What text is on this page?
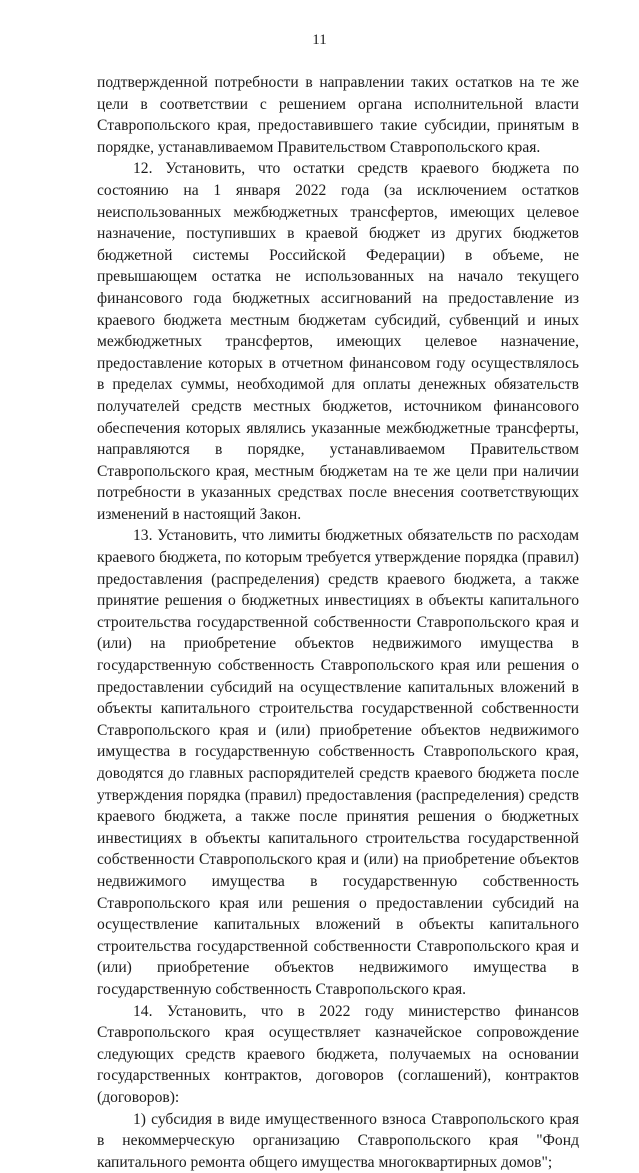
11

подтвержденной потребности в направлении таких остатков на те же цели в соответствии с решением органа исполнительной власти Ставропольского края, предоставившего такие субсидии, принятым в порядке, устанавливаемом Правительством Ставропольского края.

12. Установить, что остатки средств краевого бюджета по состоянию на 1 января 2022 года (за исключением остатков неиспользованных межбюджетных трансфертов, имеющих целевое назначение, поступивших в краевой бюджет из других бюджетов бюджетной системы Российской Федерации) в объеме, не превышающем остатка не использованных на начало текущего финансового года бюджетных ассигнований на предоставление из краевого бюджета местным бюджетам субсидий, субвенций и иных межбюджетных трансфертов, имеющих целевое назначение, предоставление которых в отчетном финансовом году осуществлялось в пределах суммы, необходимой для оплаты денежных обязательств получателей средств местных бюджетов, источником финансового обеспечения которых являлись указанные межбюджетные трансферты, направляются в порядке, устанавливаемом Правительством Ставропольского края, местным бюджетам на те же цели при наличии потребности в указанных средствах после внесения соответствующих изменений в настоящий Закон.

13. Установить, что лимиты бюджетных обязательств по расходам краевого бюджета, по которым требуется утверждение порядка (правил) предоставления (распределения) средств краевого бюджета, а также принятие решения о бюджетных инвестициях в объекты капитального строительства государственной собственности Ставропольского края и (или) на приобретение объектов недвижимого имущества в государственную собственность Ставропольского края или решения о предоставлении субсидий на осуществление капитальных вложений в объекты капитального строительства государственной собственности Ставропольского края и (или) приобретение объектов недвижимого имущества в государственную собственность Ставропольского края, доводятся до главных распорядителей средств краевого бюджета после утверждения порядка (правил) предоставления (распределения) средств краевого бюджета, а также после принятия решения о бюджетных инвестициях в объекты капитального строительства государственной собственности Ставропольского края и (или) на приобретение объектов недвижимого имущества в государственную собственность Ставропольского края или решения о предоставлении субсидий на осуществление капитальных вложений в объекты капитального строительства государственной собственности Ставропольского края и (или) приобретение объектов недвижимого имущества в государственную собственность Ставропольского края.

14. Установить, что в 2022 году министерство финансов Ставропольского края осуществляет казначейское сопровождение следующих средств краевого бюджета, получаемых на основании государственных контрактов, договоров (соглашений), контрактов (договоров):

1) субсидия в виде имущественного взноса Ставропольского края в некоммерческую организацию Ставропольского края "Фонд капитального ремонта общего имущества многоквартирных домов";
